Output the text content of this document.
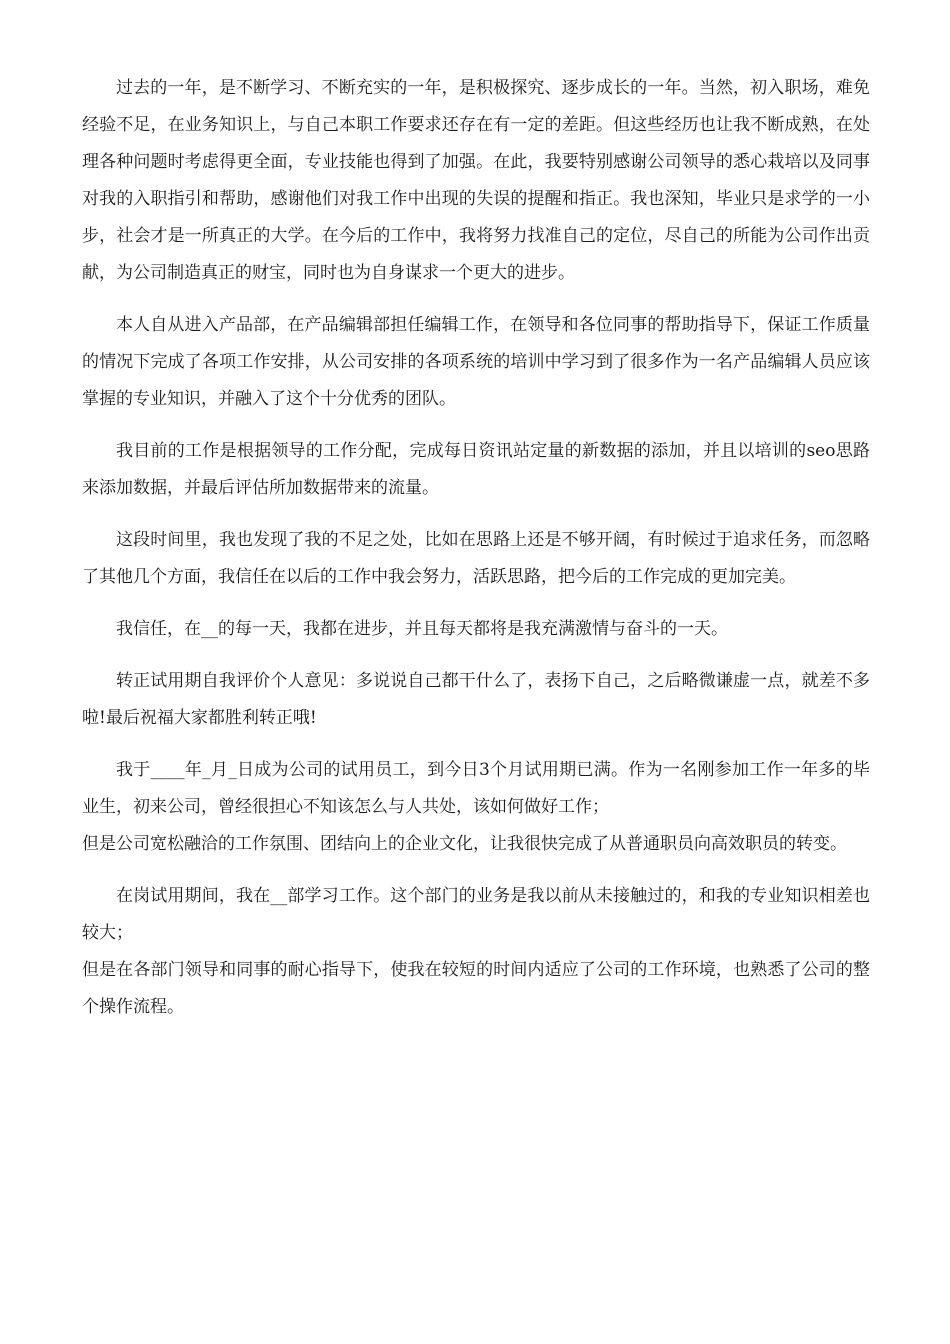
过去的一年，是不断学习、不断充实的一年，是积极探究、逐步成长的一年。当然，初入职场，难免经验不足，在业务知识上，与自己本职工作要求还存在有一定的差距。但这些经历也让我不断成熟，在处理各种问题时考虑得更全面，专业技能也得到了加强。在此，我要特别感谢公司领导的悉心栽培以及同事对我的入职指引和帮助，感谢他们对我工作中出现的失误的提醒和指正。我也深知，毕业只是求学的一小步，社会才是一所真正的大学。在今后的工作中，我将努力找准自己的定位，尽自己的所能为公司作出贡献，为公司制造真正的财宝，同时也为自身谋求一个更大的进步。

本人自从进入产品部，在产品编辑部担任编辑工作，在领导和各位同事的帮助指导下，保证工作质量的情况下完成了各项工作安排，从公司安排的各项系统的培训中学习到了很多作为一名产品编辑人员应该掌握的专业知识，并融入了这个十分优秀的团队。

我目前的工作是根据领导的工作分配，完成每日资讯站定量的新数据的添加，并且以培训的seo思路来添加数据，并最后评估所加数据带来的流量。

这段时间里，我也发现了我的不足之处，比如在思路上还是不够开阔，有时候过于追求任务，而忽略了其他几个方面，我信任在以后的工作中我会努力，活跃思路，把今后的工作完成的更加完美。

我信任，在__的每一天，我都在进步，并且每天都将是我充满激情与奋斗的一天。

转正试用期自我评价个人意见：多说说自己都干什么了，表扬下自己，之后略微谦虚一点，就差不多啦!最后祝福大家都胜利转正哦!

我于____年_月_日成为公司的试用员工，到今日3个月试用期已满。作为一名刚参加工作一年多的毕业生，初来公司，曾经很担心不知该怎么与人共处，该如何做好工作；
但是公司宽松融洽的工作氛围、团结向上的企业文化，让我很快完成了从普通职员向高效职员的转变。

在岗试用期间，我在__部学习工作。这个部门的业务是我以前从未接触过的，和我的专业知识相差也较大；
但是在各部门领导和同事的耐心指导下，使我在较短的时间内适应了公司的工作环境，也熟悉了公司的整个操作流程。
